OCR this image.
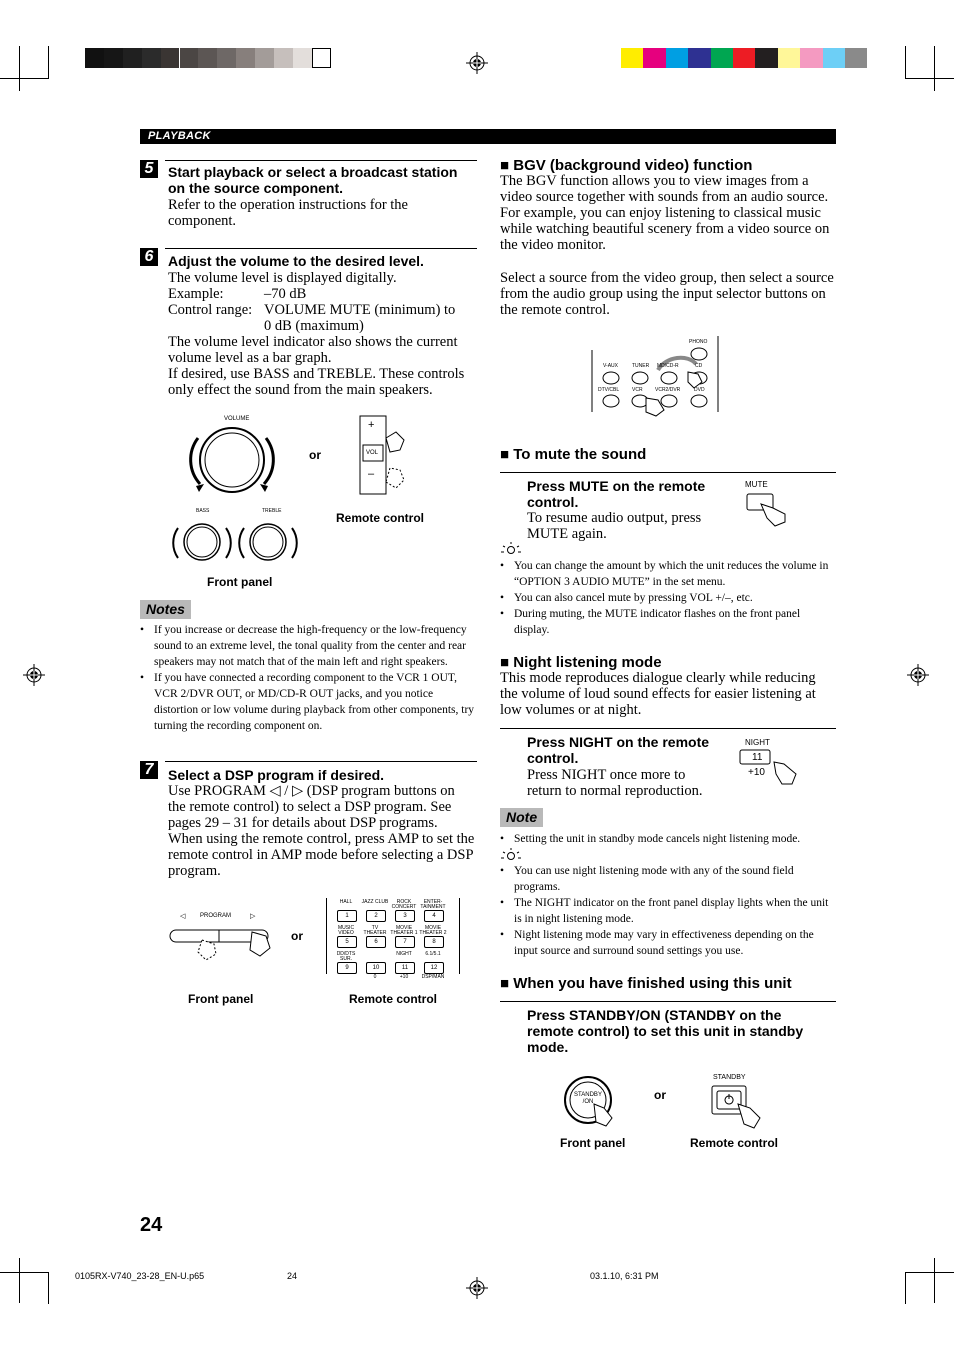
PLAYBACK
5	Start playback or select a broadcast station on the source component.
Refer to the operation instructions for the component.
6	Adjust the volume to the desired level.
The volume level is displayed digitally.
Example:	–70 dB
Control range: VOLUME MUTE (minimum) to
0 dB (maximum)
The volume level indicator also shows the current volume level as a bar graph.
If desired, use BASS and TREBLE. These controls only effect the sound from the main speakers.
VOLUME
or
+
VOL
–
Remote control
BASS	TREBLE
Front panel
Notes
• If you increase or decrease the high-frequency or the low-frequency sound to an extreme level, the tonal quality from the center and rear speakers may not match that of the main left and right speakers.
• If you have connected a recording component to the VCR 1 OUT, VCR 2/DVR OUT, or MD/CD-R OUT jacks, and you notice distortion or low volume during playback from other components, try turning the recording component on.
7	Select a DSP program if desired.
Use PROGRAM ◁ / ▷ (DSP program buttons on the remote control) to select a DSP program. See pages 29 – 31 for details about DSP programs.
When using the remote control, press AMP to set the remote control in AMP mode before selecting a DSP program.
◁ PROGRAM	▷
or
HALL
1
JAZZ CLUB
2
ROCK CONCERT
3
ENTER-TAINMENT
4
MUSIC VIDEO
5
TV THEATER
6
MOVIE THEATER 1
7
MOVIE THEATER 2
8
DD/DTS SUR.
9	10
0
NIGHT
11
+10
6.1/5.1
12
DSP/MAN
Front panel	Remote control
24
■ BGV (background video) function
The BGV function allows you to view images from a video source together with sounds from an audio source. For example, you can enjoy listening to classical music while watching beautiful scenery from a video source on the video monitor.
Select a source from the video group, then select a source from the audio group using the input selector buttons on the remote control.
PHONO
V-AUX	TUNER MD/CD-R	CD
DTV/CBL	VCR VCR2/DVR	DVD
■ To mute the sound
Press MUTE on the remote control.
To resume audio output, press MUTE again.
MUTE
• You can change the amount by which the unit reduces the volume in “OPTION 3 AUDIO MUTE” in the set menu.
• You can also cancel mute by pressing VOL +/–, etc.
• During muting, the MUTE indicator flashes on the front panel display.
■ Night listening mode
This mode reproduces dialogue clearly while reducing the volume of loud sound effects for easier listening at low volumes or at night.
Press NIGHT on the remote control.
Press NIGHT once more to return to normal reproduction.
NIGHT
11
+10
Note
• Setting the unit in standby mode cancels night listening mode.
• You can use night listening mode with any of the sound field programs.
• The NIGHT indicator on the front panel display lights when the unit is in night listening mode.
• Night listening mode may vary in effectiveness depending on the input source and surround sound settings you use.
■ When you have finished using this unit
Press STANDBY/ON (STANDBY on the remote control) to set this unit in standby mode.
STANDBY /ON	or
STANDBY
Front panel	Remote control
0105RX-V740_23-28_EN-U.p65	24	03.1.10, 6:31 PM
